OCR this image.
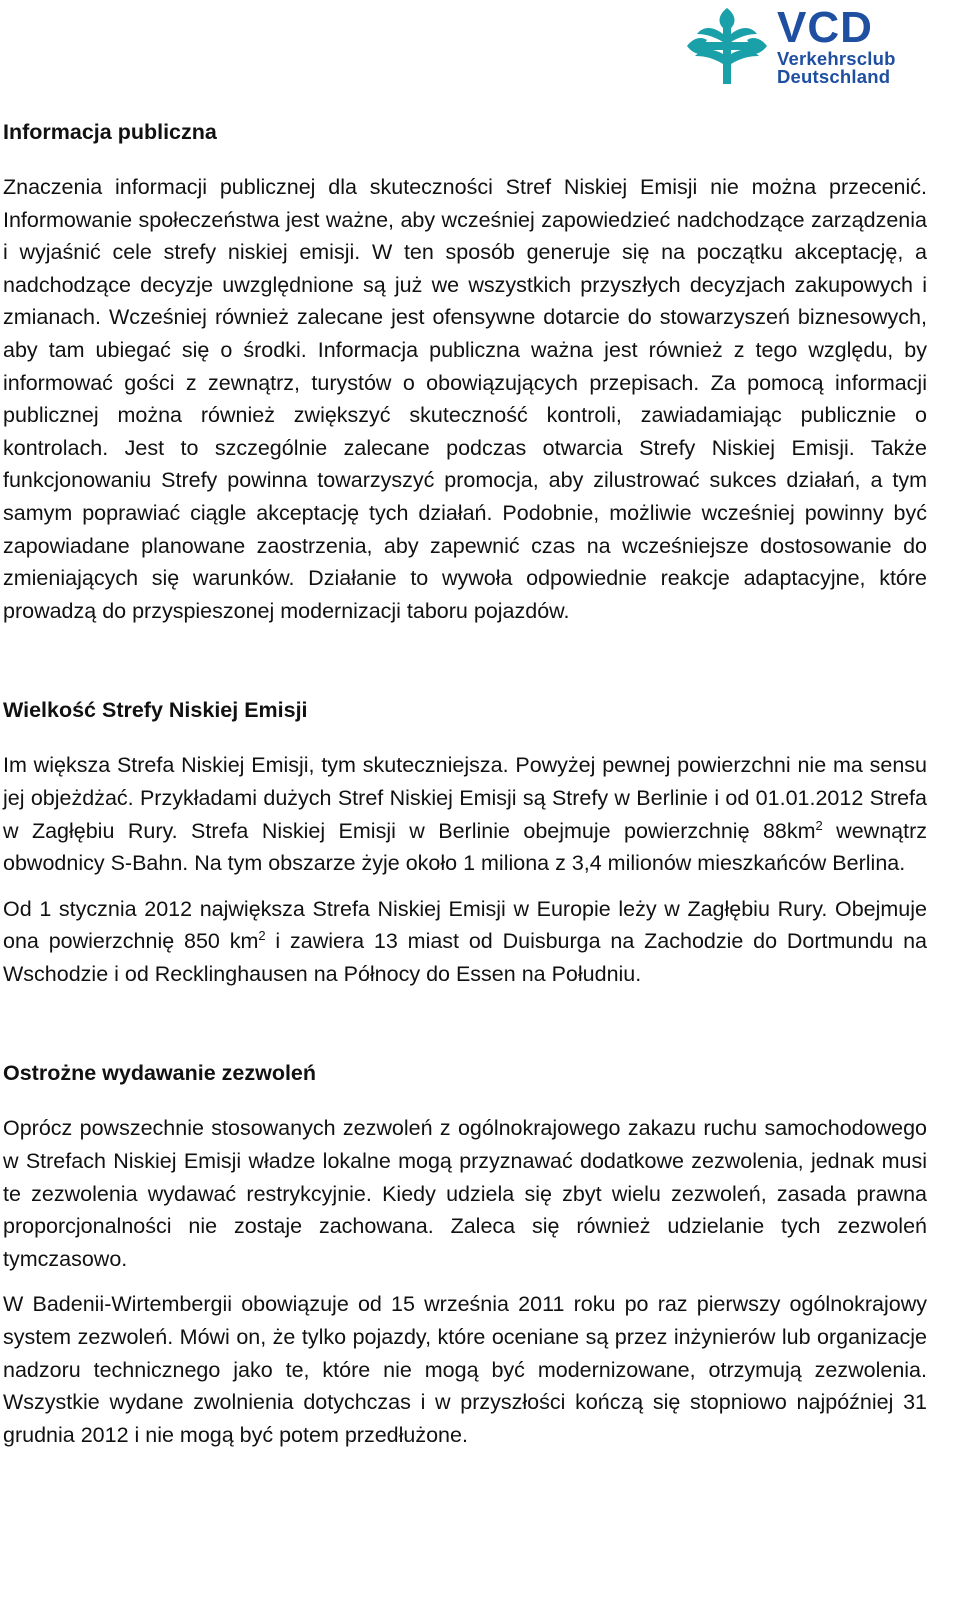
VCD
Verkehrsclub
Deutschland
Informacja publiczna

Znaczenia informacji publicznej dla skuteczności Stref Niskiej Emisji nie można przecenić. Informowanie społeczeństwa jest ważne, aby wcześniej zapowiedzieć nadchodzące zarządzenia i wyjaśnić cele strefy niskiej emisji. W ten sposób generuje się na początku akceptację, a nadchodzące decyzje uwzględnione są już we wszystkich przyszłych decyzjach zakupowych i zmianach. Wcześniej również zalecane jest ofensywne dotarcie do stowarzyszeń biznesowych, aby tam ubiegać się o środki. Informacja publiczna ważna jest również z tego względu, by informować gości z zewnątrz, turystów o obowiązujących przepisach. Za pomocą informacji publicznej można również zwiększyć skuteczność kontroli, zawiadamiając publicznie o kontrolach. Jest to szczególnie zalecane podczas otwarcia Strefy Niskiej Emisji. Także funkcjonowaniu Strefy powinna towarzyszyć promocja, aby zilustrować sukces działań, a tym samym poprawiać ciągle akceptację tych działań. Podobnie, możliwie wcześniej powinny być zapowiadane planowane zaostrzenia, aby zapewnić czas na wcześniejsze dostosowanie do zmieniających się warunków. Działanie to wywoła odpowiednie reakcje adaptacyjne, które prowadzą do przyspieszonej modernizacji taboru pojazdów.

Wielkość Strefy Niskiej Emisji

Im większa Strefa Niskiej Emisji, tym skuteczniejsza. Powyżej pewnej powierzchni nie ma sensu jej objeżdżać. Przykładami dużych Stref Niskiej Emisji są Strefy w Berlinie i od 01.01.2012 Strefa w Zagłębiu Rury. Strefa Niskiej Emisji w Berlinie obejmuje powierzchnię $88km^2$ wewnątrz obwodnicy S-Bahn. Na tym obszarze żyje około 1 miliona z 3,4 milionów mieszkańców Berlina.

Od 1 stycznia 2012 największa Strefa Niskiej Emisji w Europie leży w Zagłębiu Rury. Obejmuje ona powierzchnię 850 $km^2$ i zawiera 13 miast od Duisburga na Zachodzie do Dortmundu na Wschodzie i od Recklinghausen na Północy do Essen na Południu.

Ostrożne wydawanie zezwoleń

Oprócz powszechnie stosowanych zezwoleń z ogólnokrajowego zakazu ruchu samochodowego w Strefach Niskiej Emisji władze lokalne mogą przyznawać dodatkowe zezwolenia, jednak musi te zezwolenia wydawać restrykcyjnie. Kiedy udziela się zbyt wielu zezwoleń, zasada prawna proporcjonalności nie zostaje zachowana. Zaleca się również udzielanie tych zezwoleń tymczasowo.

W Badenii-Wirtembergii obowiązuje od 15 września 2011 roku po raz pierwszy ogólnokrajowy system zezwoleń. Mówi on, że tylko pojazdy, które oceniane są przez inżynierów lub organizacje nadzoru technicznego jako te, które nie mogą być modernizowane, otrzymują zezwolenia. Wszystkie wydane zwolnienia dotychczas i w przyszłości kończą się stopniowo najpóźniej 31 grudnia 2012 i nie mogą być potem przedłużone.
